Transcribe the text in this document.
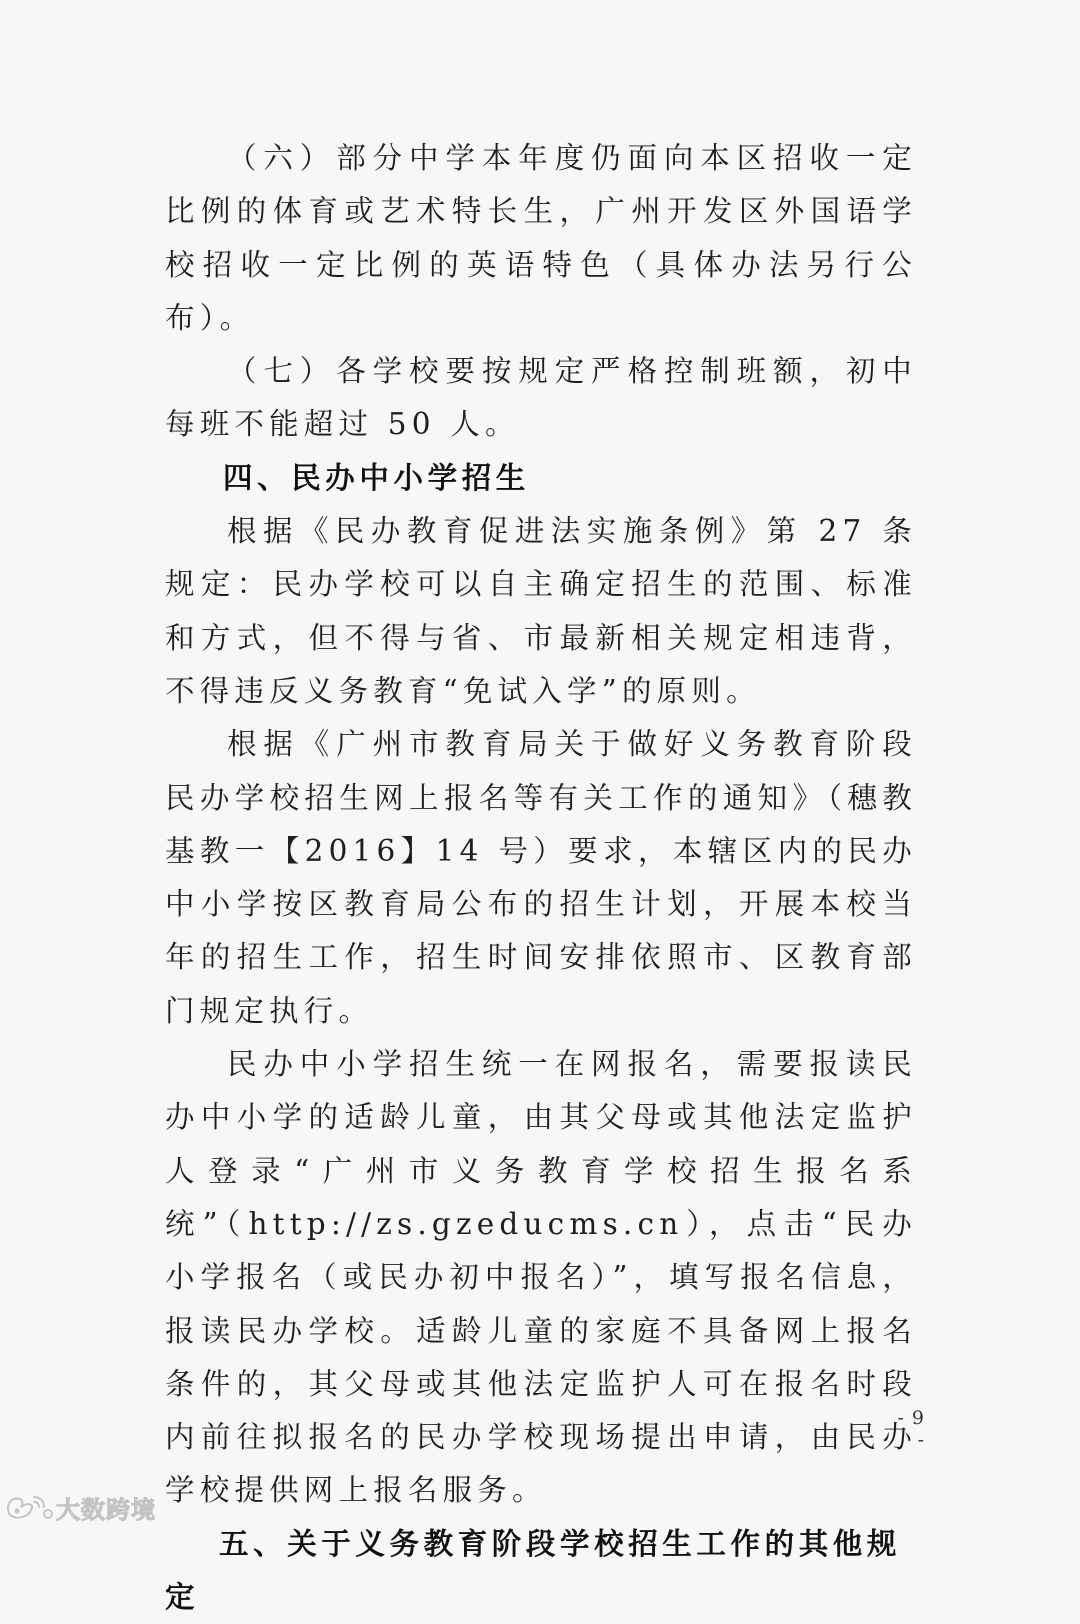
（六）部分中学本年度仍面向本区招收一定比例的体育或艺术特长生，广州开发区外国语学校招收一定比例的英语特色（具体办法另行公布）。

（七）各学校要按规定严格控制班额，初中每班不能超过 50 人。

四、民办中小学招生

根据《民办教育促进法实施条例》第 27 条规定：民办学校可以自主确定招生的范围、标准和方式，但不得与省、市最新相关规定相违背，不得违反义务教育“免试入学”的原则。

根据《广州市教育局关于做好义务教育阶段民办学校招生网上报名等有关工作的通知》（穗教基教一【2016】14 号）要求，本辖区内的民办中小学按区教育局公布的招生计划，开展本校当年的招生工作，招生时间安排依照市、区教育部门规定执行。

民办中小学招生统一在网报名，需要报读民办中小学的适龄儿童，由其父母或其他法定监护人登录“广州市义务教育学校招生报名系统”（http://zs.gzeducms.cn），点击“民办小学报名（或民办初中报名）”，填写报名信息，报读民办学校。适龄儿童的家庭不具备网上报名条件的，其父母或其他法定监护人可在报名时段内前往拟报名的民办学校现场提出申请，由民办学校提供网上报名服务。

五、关于义务教育阶段学校招生工作的其他规定

- 9 -
大数跨境
